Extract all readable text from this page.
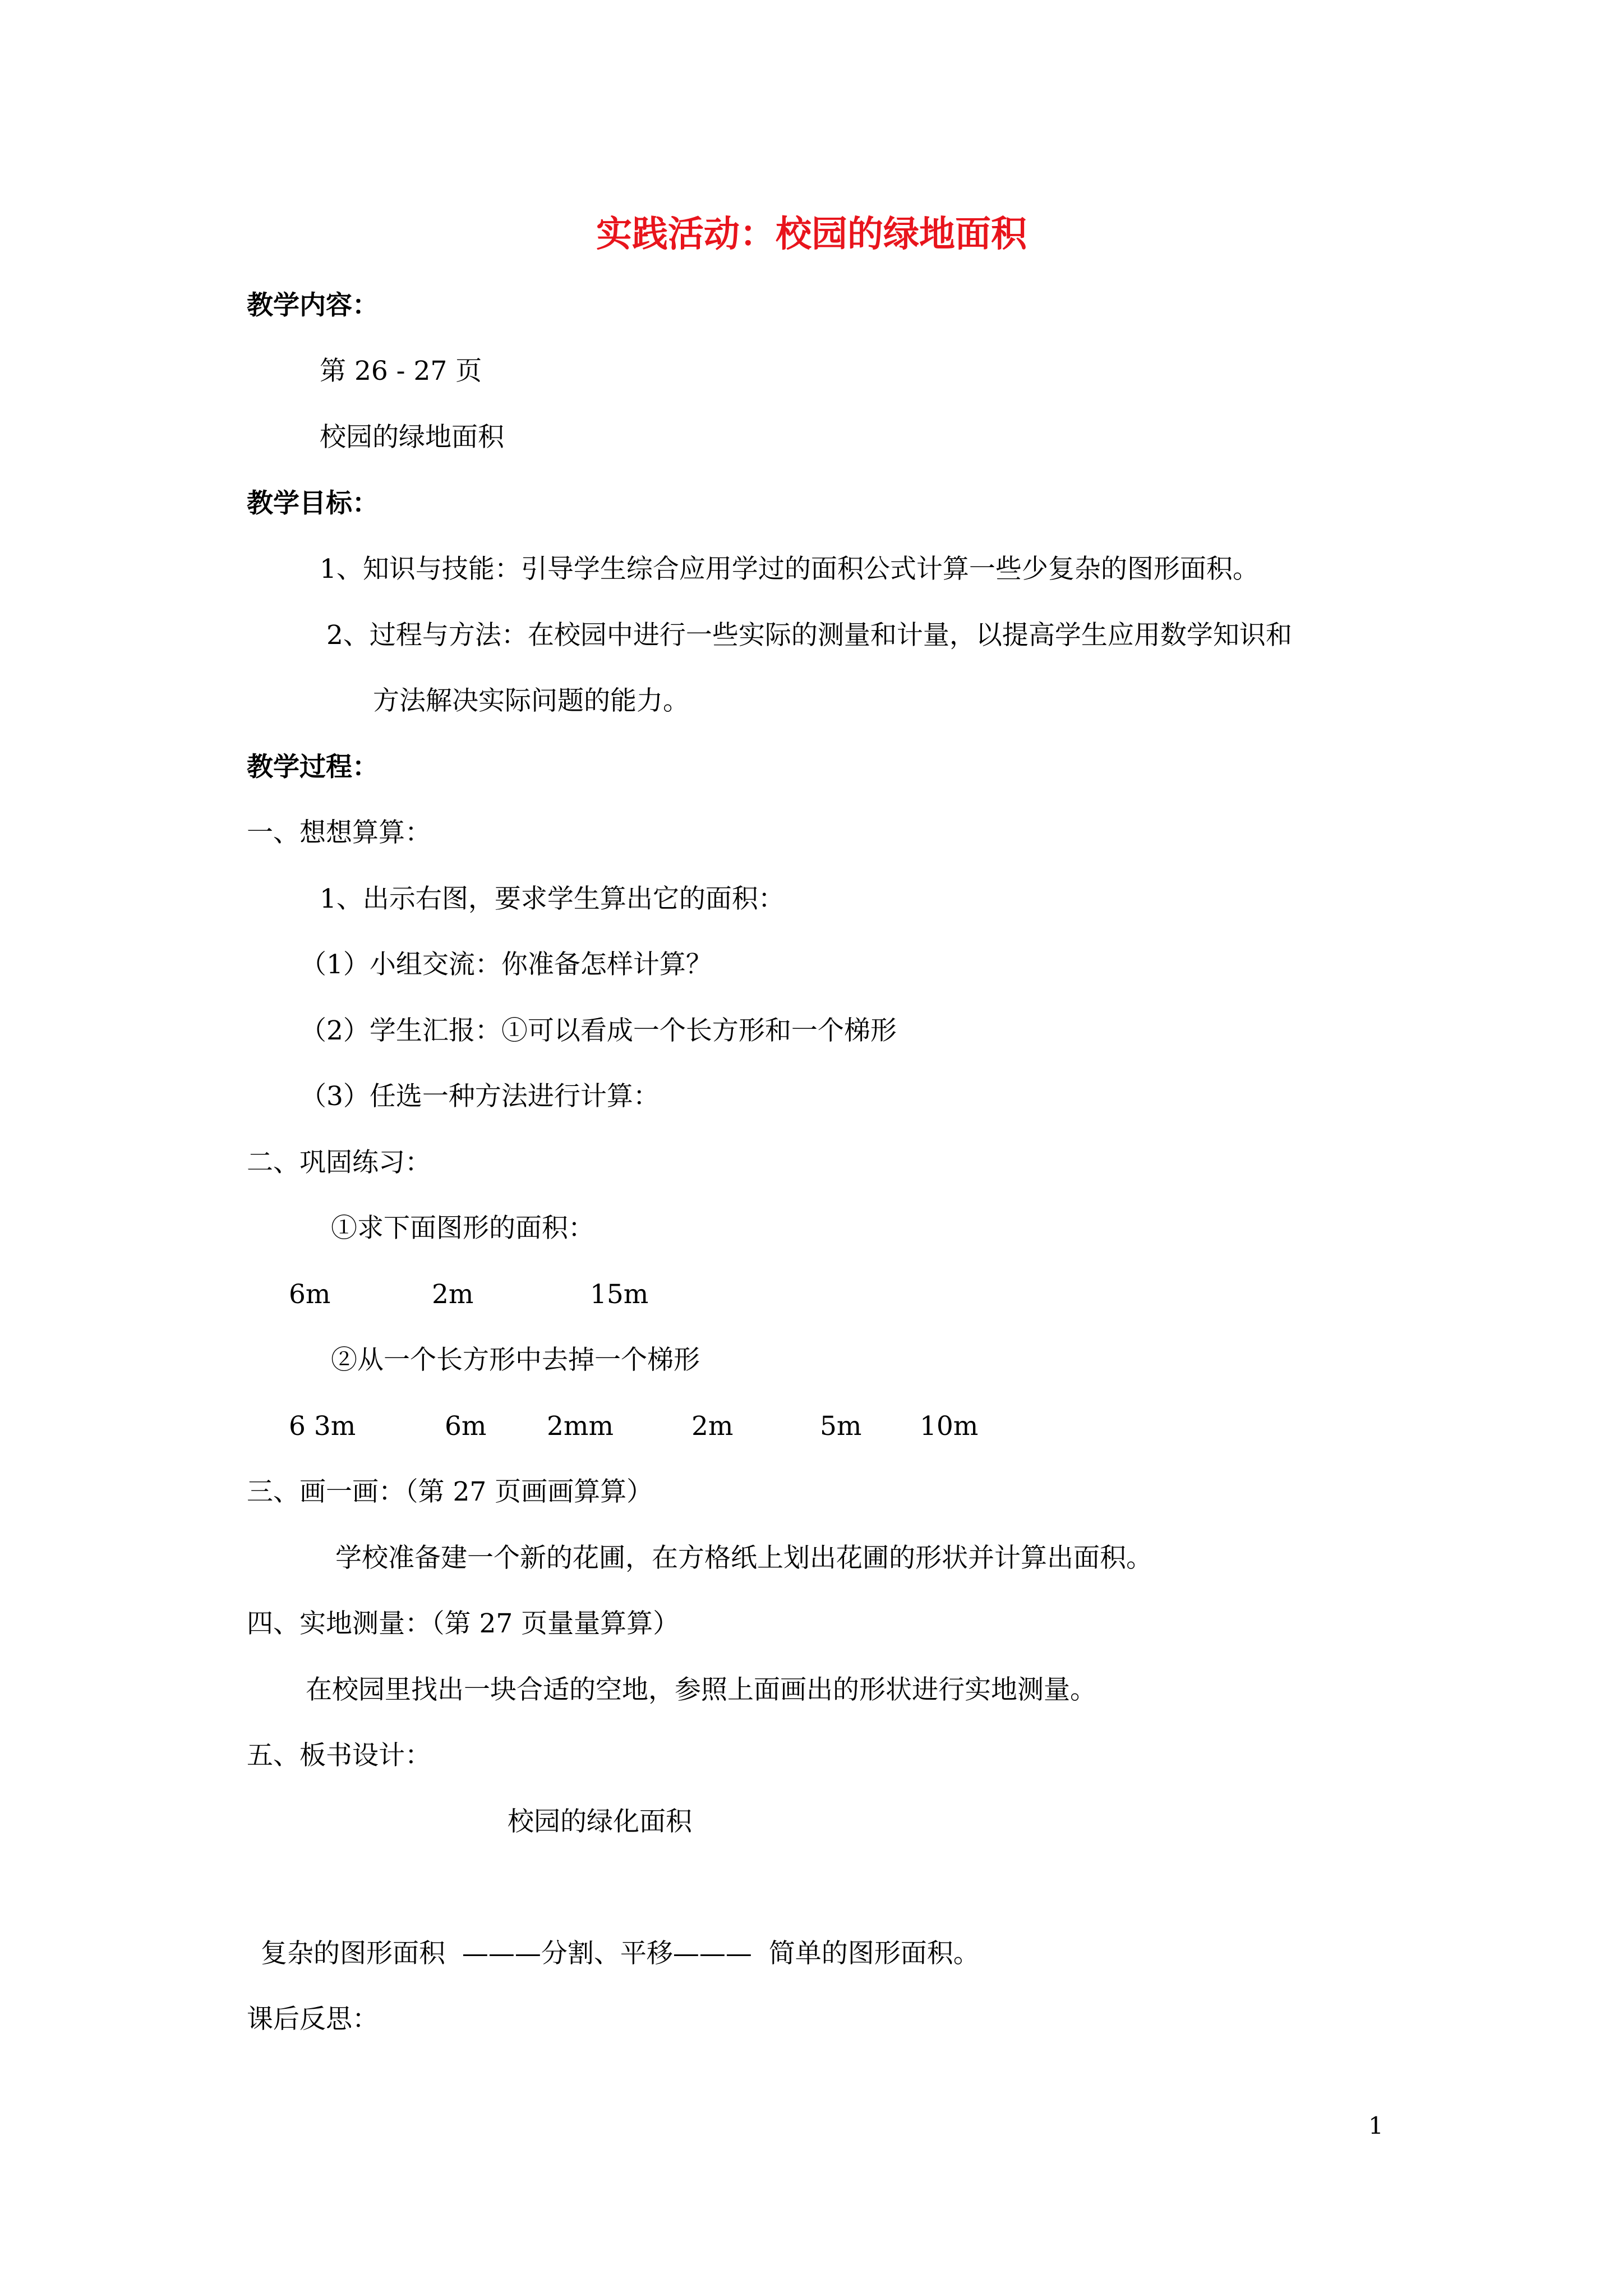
实践活动：校园的绿地面积
教学内容：
第 26 - 27 页
校园的绿地面积
教学目标：
1、知识与技能：引导学生综合应用学过的面积公式计算一些少复杂的图形面积。
2、过程与方法：在校园中进行一些实际的测量和计量，以提高学生应用数学知识和
方法解决实际问题的能力。
教学过程：
一、想想算算：
1、出示右图，要求学生算出它的面积：
（1）小组交流：你准备怎样计算？
（2）学生汇报：①可以看成一个长方形和一个梯形
（3）任选一种方法进行计算：
二、巩固练习：
①求下面图形的面积：
6m	2m	15m
②从一个长方形中去掉一个梯形
6 3m	6m 2mm	2m	5m 10m
三、画一画：（第 27 页画画算算）
学校准备建一个新的花圃，在方格纸上划出花圃的形状并计算出面积。
四、实地测量：（第 27 页量量算算）
在校园里找出一块合适的空地，参照上面画出的形状进行实地测量。
五、板书设计：
校园的绿化面积
复杂的图形面积  ———分割、平移———  简单的图形面积。
课后反思：
1
